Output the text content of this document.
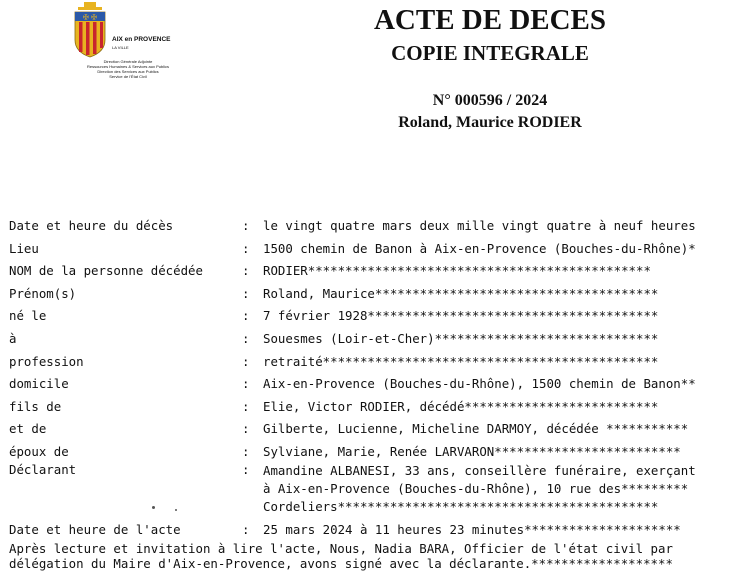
✠ ✠
AIX en PROVENCE
LA VILLE
Direction Générale Adjointe
Ressources Humaines & Services aux Publics
Direction des Services aux Publics
Service de l'État Civil
ACTE DE DECES
COPIE INTEGRALE
N° 000596 / 2024
Roland, Maurice RODIER
Date et heure du décès	: le vingt quatre mars deux mille vingt quatre à neuf heures
Lieu	: 1500 chemin de Banon à Aix-en-Provence (Bouches-du-Rhône)*
NOM de la personne décédée	: RODIER**********************************************
Prénom(s)	: Roland, Maurice**************************************
né le	: 7 février 1928***************************************
à	: Souesmes (Loir-et-Cher)******************************
profession	: retraité*********************************************
domicile	: Aix-en-Provence (Bouches-du-Rhône), 1500 chemin de Banon**
fils de	: Elie, Victor RODIER, décédé**************************
et de	: Gilberte, Lucienne, Micheline DARMOY, décédée ***********
époux de	: Sylviane, Marie, Renée LARVARON*************************
Déclarant	: Amandine ALBANESI, 33 ans, conseillère funéraire, exerçant
à Aix-en-Provence (Bouches-du-Rhône), 10 rue des*********
Cordeliers*******************************************
Date et heure de l'acte	: 25 mars 2024 à 11 heures 23 minutes*********************
Après lecture et invitation à lire l'acte, Nous, Nadia BARA, Officier de l'état civil par
délégation du Maire d'Aix-en-Provence, avons signé avec la déclarante.*******************
